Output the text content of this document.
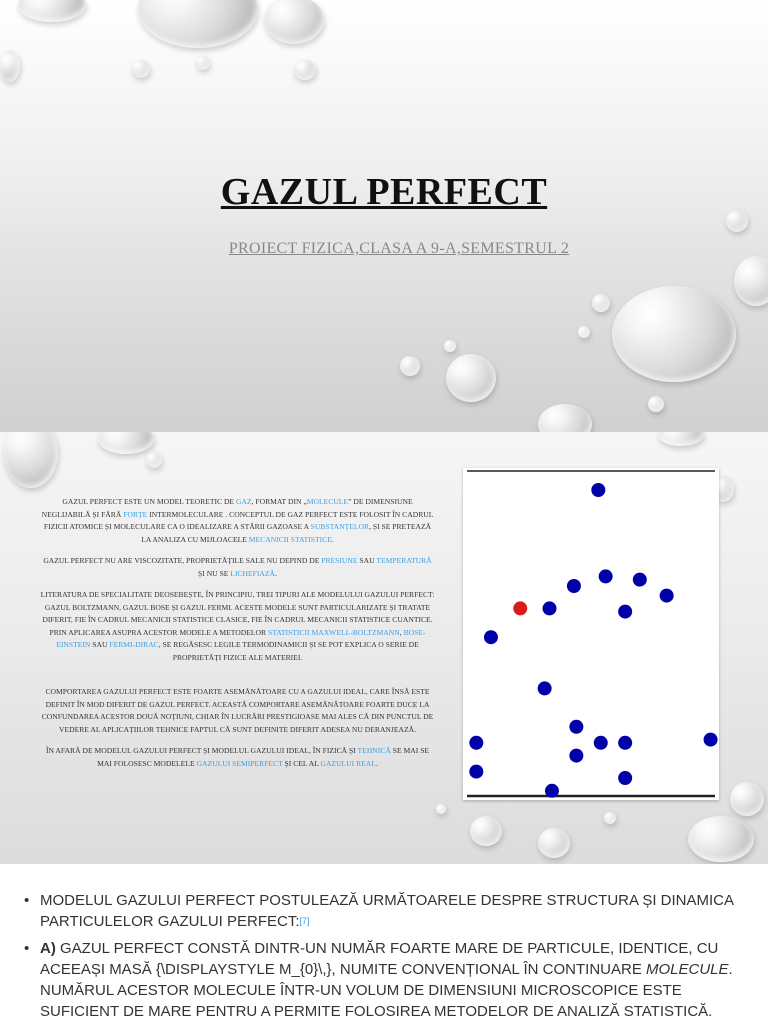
GAZUL PERFECT
PROIECT FIZICA,CLASA A 9-A,SEMESTRUL 2

GAZUL PERFECT ESTE UN MODEL TEORETIC DE GAZ, FORMAT DIN „MOLECULE” DE DIMENSIUNE NEGLIJABILĂ ȘI FĂRĂ FORȚE INTERMOLECULARE . CONCEPTUL DE GAZ PERFECT ESTE FOLOSIT ÎN CADRUL FIZICII ATOMICE ȘI MOLECULARE CA O IDEALIZARE A STĂRII GAZOASE A SUBSTANȚELOR, ȘI SE PRETEAZĂ LA ANALIZA CU MIJLOACELE MECANICII STATISTICE.

GAZUL PERFECT NU ARE VISCOZITATE, PROPRIETĂȚILE SALE NU DEPIND DE PRESIUNE SAU TEMPERATURĂ ȘI NU SE LICHEFIAZĂ.

LITERATURA DE SPECIALITATE DEOSEBEȘTE, ÎN PRINCIPIU, TREI TIPURI ALE MODELULUI GAZULUI PERFECT: GAZUL BOLTZMANN, GAZUL BOSE ȘI GAZUL FERMI. ACESTE MODELE SUNT PARTICULARIZATE ȘI TRATATE DIFERIT, FIE ÎN CADRUL MECANICII STATISTICE CLASICE, FIE ÎN CADRUL MECANICII STATISTICE CUANTICE. PRIN APLICAREA ASUPRA ACESTOR MODELE A METODELOR STATISTICII MAXWELL-BOLTZMANN, BOSE-EINSTEIN SAU FERMI-DIRAC, SE REGĂSESC LEGILE TERMODINAMICII ȘI SE POT EXPLICA O SERIE DE PROPRIETĂȚI FIZICE ALE MATERIEI.

COMPORTAREA GAZULUI PERFECT ESTE FOARTE ASEMĂNĂTOARE CU A GAZULUI IDEAL, CARE ÎNSĂ ESTE DEFINIT ÎN MOD DIFERIT DE GAZUL PERFECT. ACEASTĂ COMPORTARE ASEMĂNĂTOARE FOARTE DUCE LA CONFUNDAREA ACESTOR DOUĂ NOȚIUNI, CHIAR ÎN LUCRĂRI PRESTIGIOASE MAI ALES CĂ DIN PUNCTUL DE VEDERE AL APLICAȚIILOR TEHNICE FAPTUL CĂ SUNT DEFINITE DIFERIT ADESEA NU DERANJEAZĂ.

ÎN AFARĂ DE MODELUL GAZULUI PERFECT ȘI MODELUL GAZULUI IDEAL, ÎN FIZICĂ ȘI TEHNICĂ SE MAI SE MAI FOLOSESC MODELELE GAZULUI SEMIPERFECT ȘI CEL AL GAZULUI REAL.

• MODELUL GAZULUI PERFECT POSTULEAZĂ URMĂTOARELE DESPRE STRUCTURA ȘI DINAMICA PARTICULELOR GAZULUI PERFECT:[7]
• A) GAZUL PERFECT CONSTĂ DINTR-UN NUMĂR FOARTE MARE DE PARTICULE, IDENTICE, CU ACEEAȘI MASĂ {\DISPLAYSTYLE M_{0}\,}, NUMITE CONVENȚIONAL ÎN CONTINUARE MOLECULE. NUMĂRUL ACESTOR MOLECULE ÎNTR-UN VOLUM DE DIMENSIUNI MICROSCOPICE ESTE SUFICIENT DE MARE PENTRU A PERMITE FOLOSIREA METODELOR DE ANALIZĂ STATISTICĂ.
